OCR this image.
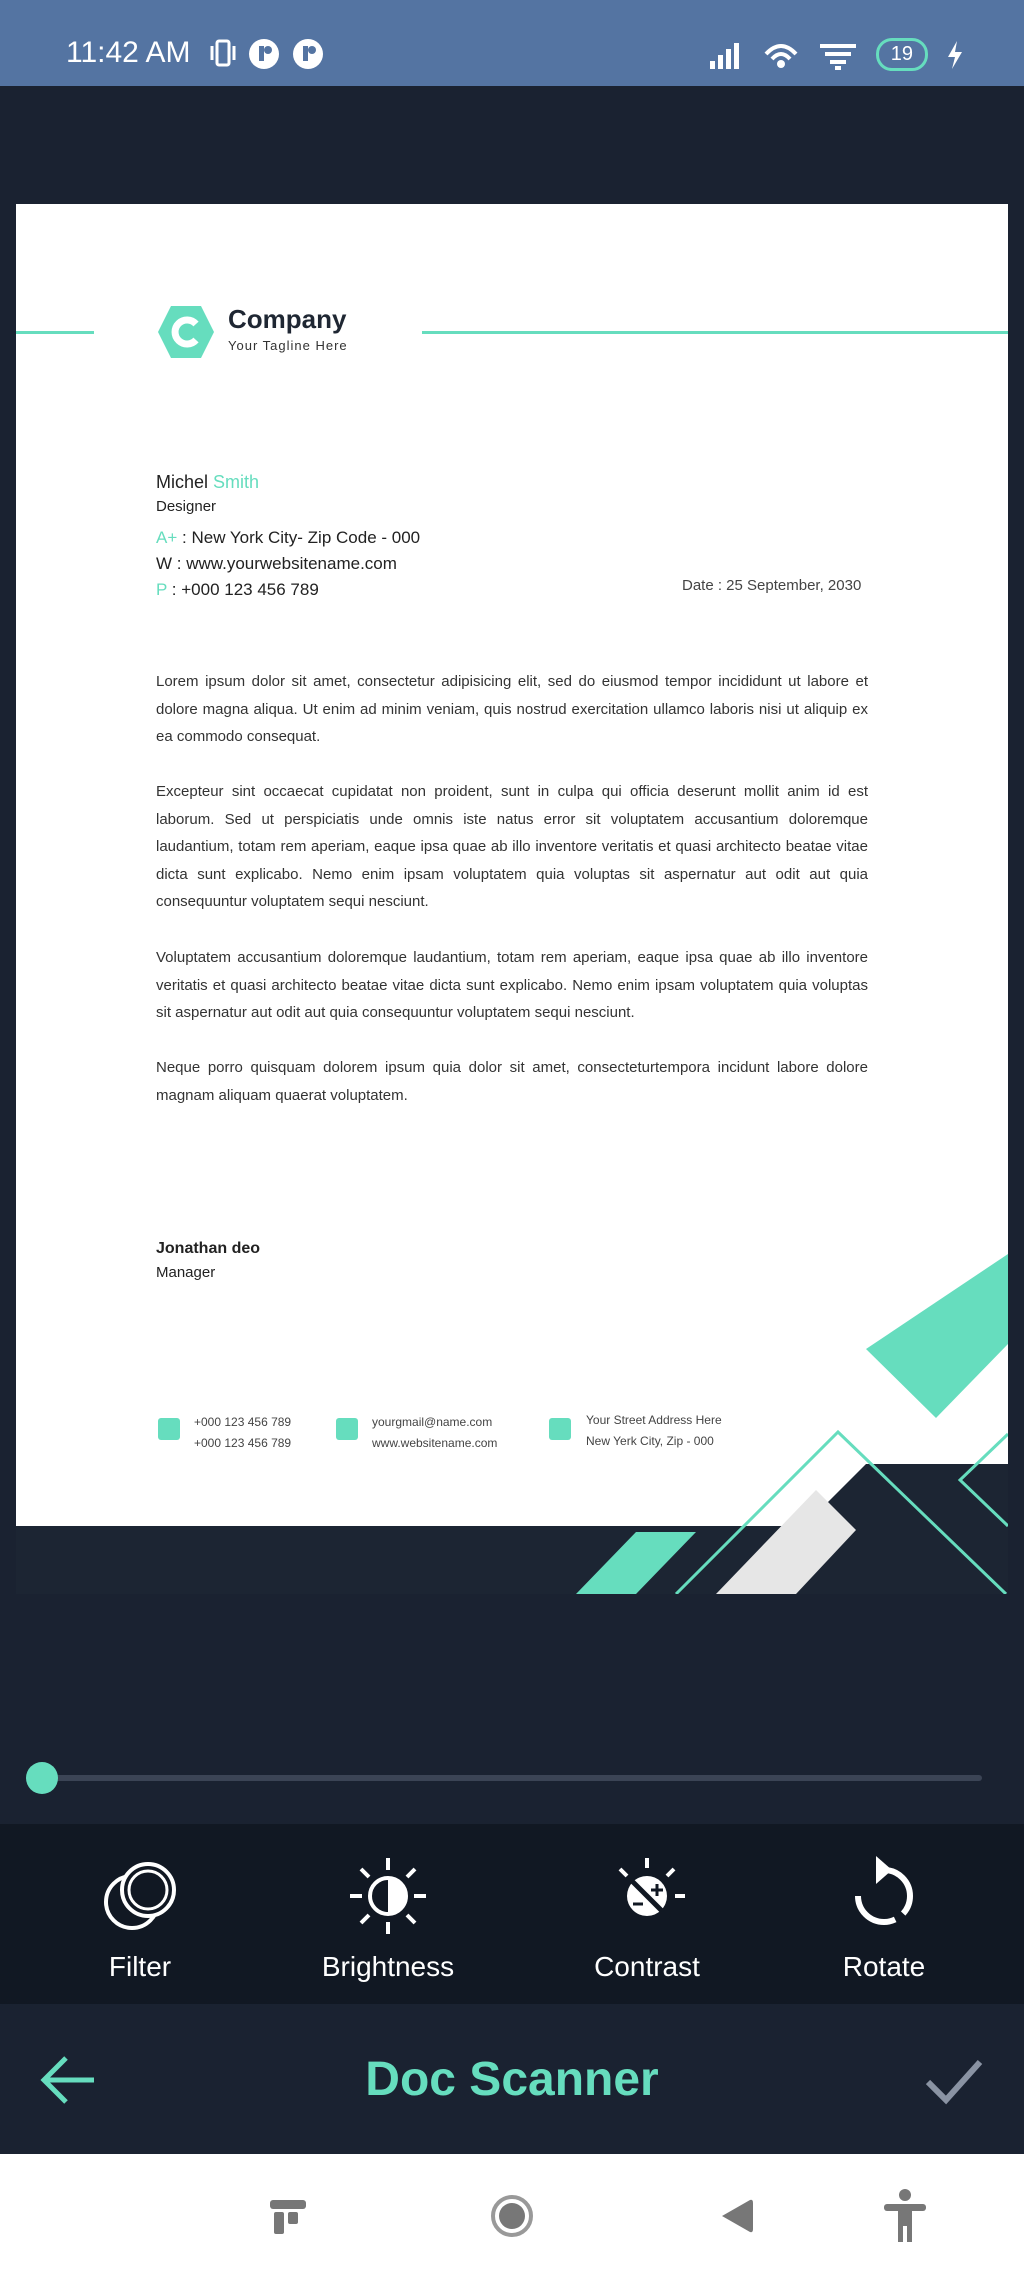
11:42 AM	19
Company
Your Tagline Here
Michel Smith
Designer
A+ : New York City- Zip Code - 000
W : www.yourwebsitename.com
P : +000 123 456 789	Date : 25 September, 2030
Lorem ipsum dolor sit amet, consectetur adipisicing elit, sed do eiusmod tempor incididunt ut labore et dolore magna aliqua. Ut enim ad minim veniam, quis nostrud exercitation ullamco laboris nisi ut aliquip ex ea commodo consequat.
Excepteur sint occaecat cupidatat non proident, sunt in culpa qui officia deserunt mollit anim id est laborum. Sed ut perspiciatis unde omnis iste natus error sit voluptatem accusantium doloremque laudantium, totam rem aperiam, eaque ipsa quae ab illo inventore veritatis et quasi architecto beatae vitae dicta sunt explicabo. Nemo enim ipsam voluptatem quia voluptas sit aspernatur aut odit aut quia consequuntur voluptatem sequi nesciunt.
Voluptatem accusantium doloremque laudantium, totam rem aperiam, eaque ipsa quae ab illo inventore veritatis et quasi architecto beatae vitae dicta sunt explicabo. Nemo enim ipsam voluptatem quia voluptas sit aspernatur aut odit aut quia consequuntur voluptatem sequi nesciunt.
Neque porro quisquam dolorem ipsum quia dolor sit amet, consecteturtempora incidunt labore dolore magnam aliquam quaerat voluptatem.
Jonathan deo
Manager
+000 123 456 789
+000 123 456 789
yourgmail@name.com
www.websitename.com
Your Street Address Here
New Yerk City, Zip - 000
Filter	Brightness	Contrast	Rotate
Doc Scanner
